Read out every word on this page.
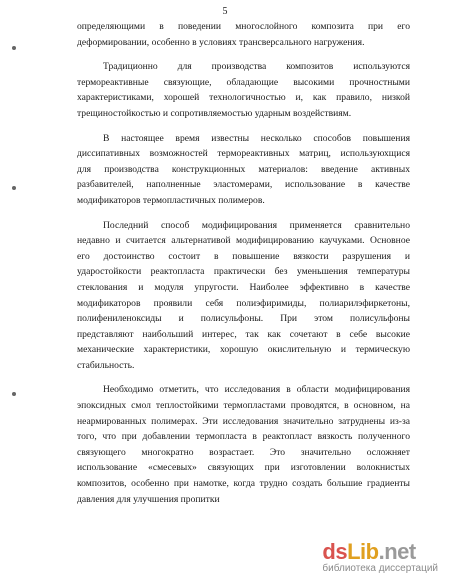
5

определяющими в поведении многослойного композита при его
деформировании, особенно в условиях трансверсального нагружения.

Традиционно для производства композитов используются
термореактивные связующие, обладающие высокими прочностными
характеристиками, хорошей технологичностью и, как правило, низкой
трещиностойкостью и сопротивляемостью ударным воздействиям.

В настоящее время известны несколько способов повышения
диссипативных возможностей термореактивных матриц, используюхщися
для производства конструкционных материалов: введение активных
разбавителей, наполненные эластомерами, использование в качестве
модификаторов термопластичных полимеров.

Последний способ модифицирования применяется сравнительно
недавно и считается альтернативой модифицированию каучуками. Основное
его достоинство состоит в повышение вязкости разрушения и
ударостойкости реактопласта практически без уменьшения температуры
стеклования и модуля упругости. Наиболее эффективно в качестве
модификаторов проявили себя полиэфиримиды, полиарилэфиркетоны,
полифениленоксиды и полисульфоны. При этом полисульфоны
представляют наибольший интерес, так как сочетают в себе высокие
механические характеристики, хорошую окислительную и термическую
стабильность.

Необходимо отметить, что исследования в области модифицирования
эпоксидных смол теплостойкими термопластами проводятся, в основном, на
неармированных полимерах. Эти исследования значительно затруднены из-за
того, что при добавлении термопласта в реактопласт вязкость полученного
связующего многократно возрастает. Это значительно осложняет
использование «смесевых» связующих при изготовлении волокнистых
композитов, особенно при намотке, когда трудно создать большие градиенты
давления для улучшения пропитки

dsLib.net
библиотека диссертаций
